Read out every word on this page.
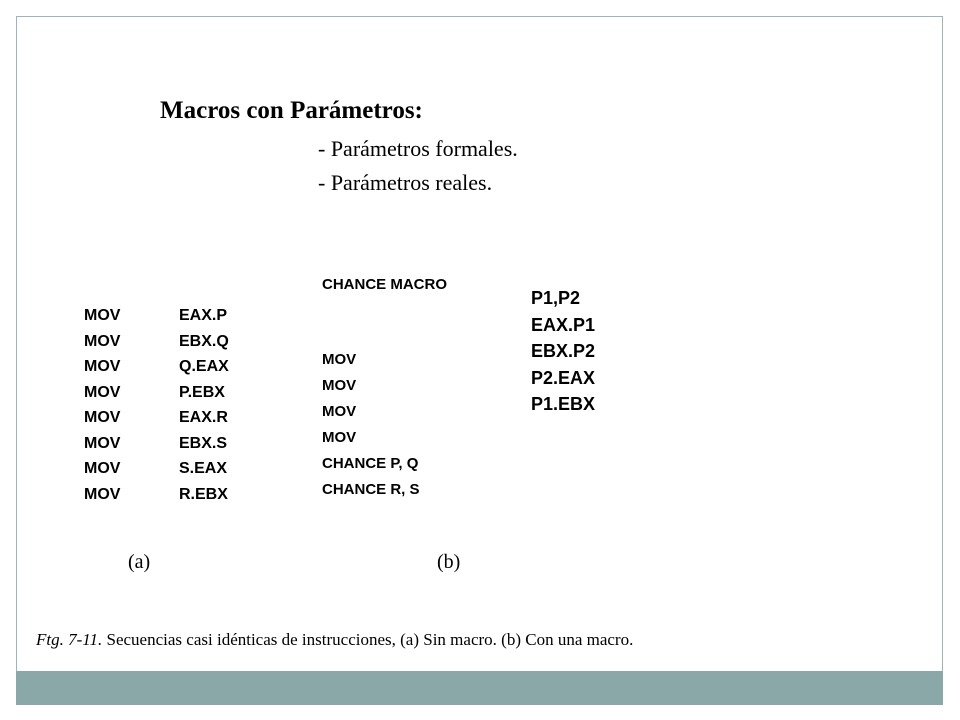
Macros con Parámetros:
- Parámetros formales.
- Parámetros reales.
MOV
MOV
MOV
MOV
MOV
MOV
MOV
MOV
EAX.P
EBX.Q
Q.EAX
P.EBX
EAX.R
EBX.S
S.EAX
R.EBX
CHANCE MACRO
MOV
MOV
MOV
MOV
CHANCE P, Q
CHANCE R, S
P1,P2
EAX.P1
EBX.P2
P2.EAX
P1.EBX
(a)	(b)
Ftg. 7-11. Secuencias casi idénticas de instrucciones, (a) Sin macro. (b) Con una macro.
